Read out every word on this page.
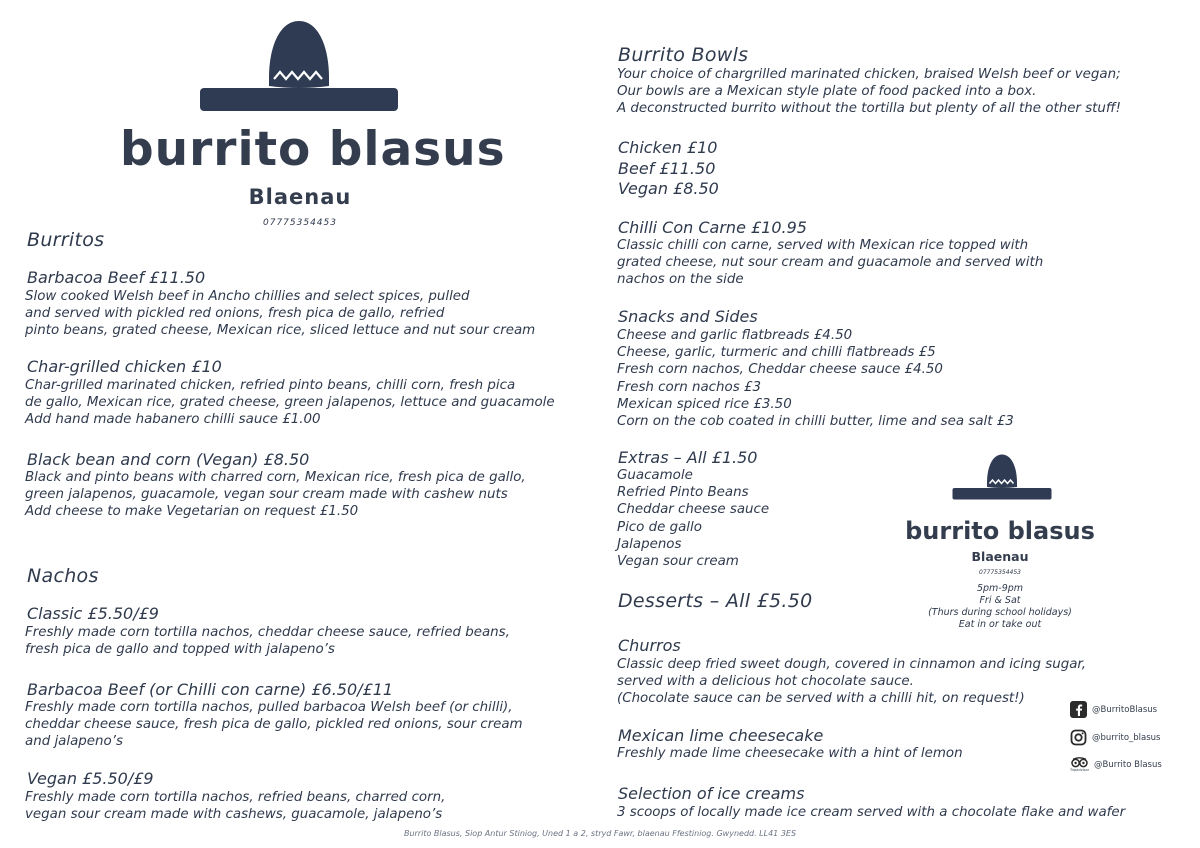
burrito blasus
Blaenau
07775354453
Burritos
Barbacoa Beef £11.50
Slow cooked Welsh beef in Ancho chillies and select spices, pulled
and served with pickled red onions, fresh pica de gallo, refried
pinto beans, grated cheese, Mexican rice, sliced lettuce and nut sour cream
Char-grilled chicken £10
Char-grilled marinated chicken, refried pinto beans, chilli corn, fresh pica
de gallo, Mexican rice, grated cheese, green jalapenos, lettuce and guacamole
Add hand made habanero chilli sauce £1.00
Black bean and corn (Vegan) £8.50
Black and pinto beans with charred corn, Mexican rice, fresh pica de gallo,
green jalapenos, guacamole, vegan sour cream made with cashew nuts
Add cheese to make Vegetarian on request £1.50
Nachos
Classic £5.50/£9
Freshly made corn tortilla nachos, cheddar cheese sauce, refried beans,
fresh pica de gallo and topped with jalapeno’s
Barbacoa Beef (or Chilli con carne) £6.50/£11
Freshly made corn tortilla nachos, pulled barbacoa Welsh beef (or chilli),
cheddar cheese sauce, fresh pica de gallo, pickled red onions, sour cream
and jalapeno’s
Vegan £5.50/£9
Freshly made corn tortilla nachos, refried beans, charred corn,
vegan sour cream made with cashews, guacamole, jalapeno’s
Burrito Bowls
Your choice of chargrilled marinated chicken, braised Welsh beef or vegan;
Our bowls are a Mexican style plate of food packed into a box.
A deconstructed burrito without the tortilla but plenty of all the other stuff!
Chicken £10
Beef £11.50
Vegan £8.50
Chilli Con Carne £10.95
Classic chilli con carne, served with Mexican rice topped with
grated cheese, nut sour cream and guacamole and served with
nachos on the side
Snacks and Sides
Cheese and garlic flatbreads £4.50
Cheese, garlic, turmeric and chilli flatbreads £5
Fresh corn nachos, Cheddar cheese sauce £4.50
Fresh corn nachos £3
Mexican spiced rice £3.50
Corn on the cob coated in chilli butter, lime and sea salt £3
Extras – All £1.50
Guacamole
Refried Pinto Beans
Cheddar cheese sauce
Pico de gallo
Jalapenos
Vegan sour cream
Desserts – All £5.50
Churros
Classic deep fried sweet dough, covered in cinnamon and icing sugar,
served with a delicious hot chocolate sauce.
(Chocolate sauce can be served with a chilli hit, on request!)
Mexican lime cheesecake
Freshly made lime cheesecake with a hint of lemon
Selection of ice creams
3 scoops of locally made ice cream served with a chocolate flake and wafer
burrito blasus
Blaenau
07775354453
5pm-9pm
Fri & Sat
(Thurs during school holidays)
Eat in or take out
@BurritoBlasus
@burrito_blasus
Tripadvisor
@Burrito Blasus
Burrito Blasus, Siop Antur Stiniog, Uned 1 a 2, stryd Fawr, blaenau Ffestiniog. Gwynedd. LL41 3ES
